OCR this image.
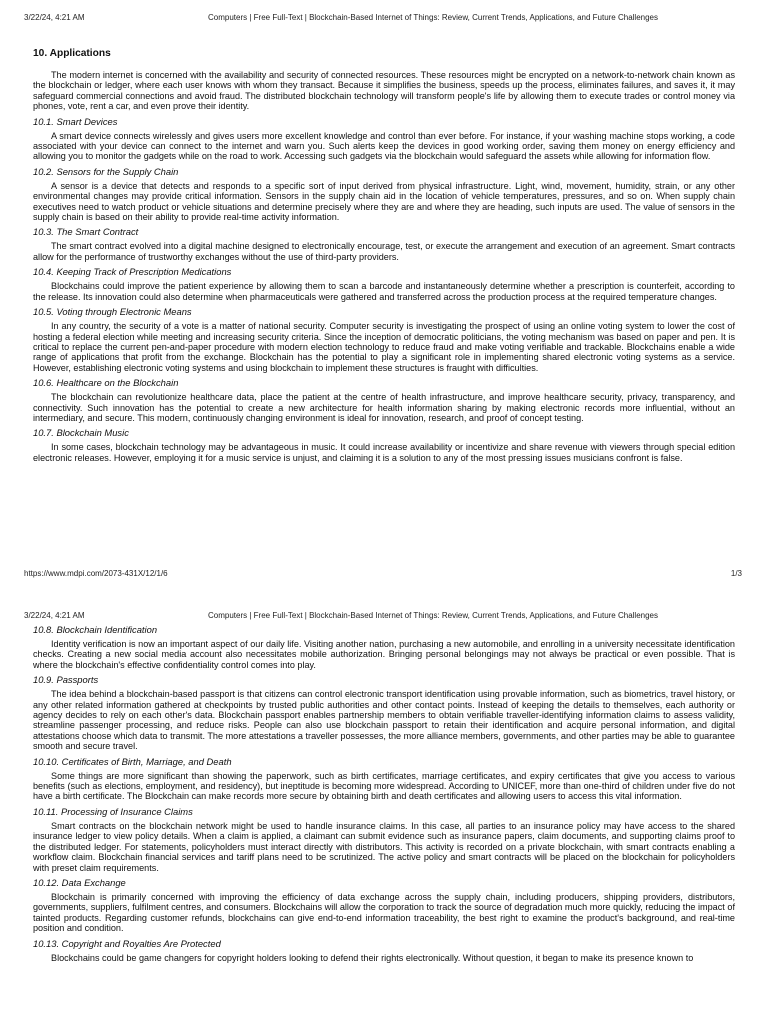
3/22/24, 4:21 AM	Computers | Free Full-Text | Blockchain-Based Internet of Things: Review, Current Trends, Applications, and Future Challenges
10. Applications

The modern internet is concerned with the availability and security of connected resources. These resources might be encrypted on a network-to-network chain known as the blockchain or ledger, where each user knows with whom they transact. Because it simplifies the business, speeds up the process, eliminates failures, and saves it, it may safeguard commercial connections and avoid fraud. The distributed blockchain technology will transform people's life by allowing them to execute trades or control money via phones, vote, rent a car, and even prove their identity.

10.1. Smart Devices

A smart device connects wirelessly and gives users more excellent knowledge and control than ever before. For instance, if your washing machine stops working, a code associated with your device can connect to the internet and warn you. Such alerts keep the devices in good working order, saving them money on energy efficiency and allowing you to monitor the gadgets while on the road to work. Accessing such gadgets via the blockchain would safeguard the assets while allowing for information flow.

10.2. Sensors for the Supply Chain

A sensor is a device that detects and responds to a specific sort of input derived from physical infrastructure. Light, wind, movement, humidity, strain, or any other environmental changes may provide critical information. Sensors in the supply chain aid in the location of vehicle temperatures, pressures, and so on. When supply chain executives need to watch product or vehicle situations and determine precisely where they are and where they are heading, such inputs are used. The value of sensors in the supply chain is based on their ability to provide real-time activity information.

10.3. The Smart Contract

The smart contract evolved into a digital machine designed to electronically encourage, test, or execute the arrangement and execution of an agreement. Smart contracts allow for the performance of trustworthy exchanges without the use of third-party providers.

10.4. Keeping Track of Prescription Medications

Blockchains could improve the patient experience by allowing them to scan a barcode and instantaneously determine whether a prescription is counterfeit, according to the release. Its innovation could also determine when pharmaceuticals were gathered and transferred across the production process at the required temperature changes.

10.5. Voting through Electronic Means

In any country, the security of a vote is a matter of national security. Computer security is investigating the prospect of using an online voting system to lower the cost of hosting a federal election while meeting and increasing security criteria. Since the inception of democratic politicians, the voting mechanism was based on paper and pen. It is critical to replace the current pen-and-paper procedure with modern election technology to reduce fraud and make voting verifiable and trackable. Blockchains enable a wide range of applications that profit from the exchange. Blockchain has the potential to play a significant role in implementing shared electronic voting systems as a service. However, establishing electronic voting systems and using blockchain to implement these structures is fraught with difficulties.

10.6. Healthcare on the Blockchain

The blockchain can revolutionize healthcare data, place the patient at the centre of health infrastructure, and improve healthcare security, privacy, transparency, and connectivity. Such innovation has the potential to create a new architecture for health information sharing by making electronic records more influential, without an intermediary, and secure. This modern, continuously changing environment is ideal for innovation, research, and proof of concept testing.

10.7. Blockchain Music

In some cases, blockchain technology may be advantageous in music. It could increase availability or incentivize and share revenue with viewers through special edition electronic releases. However, employing it for a music service is unjust, and claiming it is a solution to any of the most pressing issues musicians confront is false.

https://www.mdpi.com/2073-431X/12/1/6	1/3
3/22/24, 4:21 AM	Computers | Free Full-Text | Blockchain-Based Internet of Things: Review, Current Trends, Applications, and Future Challenges
10.8. Blockchain Identification

Identity verification is now an important aspect of our daily life. Visiting another nation, purchasing a new automobile, and enrolling in a university necessitate identification checks. Creating a new social media account also necessitates mobile authorization. Bringing personal belongings may not always be practical or even possible. That is where the blockchain's effective confidentiality control comes into play.

10.9. Passports

The idea behind a blockchain-based passport is that citizens can control electronic transport identification using provable information, such as biometrics, travel history, or any other related information gathered at checkpoints by trusted public authorities and other contact points. Instead of keeping the details to themselves, each authority or agency decides to rely on each other's data. Blockchain passport enables partnership members to obtain verifiable traveller-identifying information claims to assess validity, streamline passenger processing, and reduce risks. People can also use blockchain passport to retain their identification and acquire personal information, and digital attestations choose which data to transmit. The more attestations a traveller possesses, the more alliance members, governments, and other parties may be able to guarantee smooth and secure travel.

10.10. Certificates of Birth, Marriage, and Death

Some things are more significant than showing the paperwork, such as birth certificates, marriage certificates, and expiry certificates that give you access to various benefits (such as elections, employment, and residency), but ineptitude is becoming more widespread. According to UNICEF, more than one-third of children under five do not have a birth certificate. The Blockchain can make records more secure by obtaining birth and death certificates and allowing users to access this vital information.

10.11. Processing of Insurance Claims

Smart contracts on the blockchain network might be used to handle insurance claims. In this case, all parties to an insurance policy may have access to the shared insurance ledger to view policy details. When a claim is applied, a claimant can submit evidence such as insurance papers, claim documents, and supporting claims proof to the distributed ledger. For statements, policyholders must interact directly with distributors. This activity is recorded on a private blockchain, with smart contracts enabling a workflow claim. Blockchain financial services and tariff plans need to be scrutinized. The active policy and smart contracts will be placed on the blockchain for policyholders with preset claim requirements.

10.12. Data Exchange

Blockchain is primarily concerned with improving the efficiency of data exchange across the supply chain, including producers, shipping providers, distributors, governments, suppliers, fulfilment centres, and consumers. Blockchains will allow the corporation to track the source of degradation much more quickly, reducing the impact of tainted products. Regarding customer refunds, blockchains can give end-to-end information traceability, the best right to examine the product's background, and real-time position and condition.

10.13. Copyright and Royalties Are Protected

Blockchains could be game changers for copyright holders looking to defend their rights electronically. Without question, it began to make its presence known to
